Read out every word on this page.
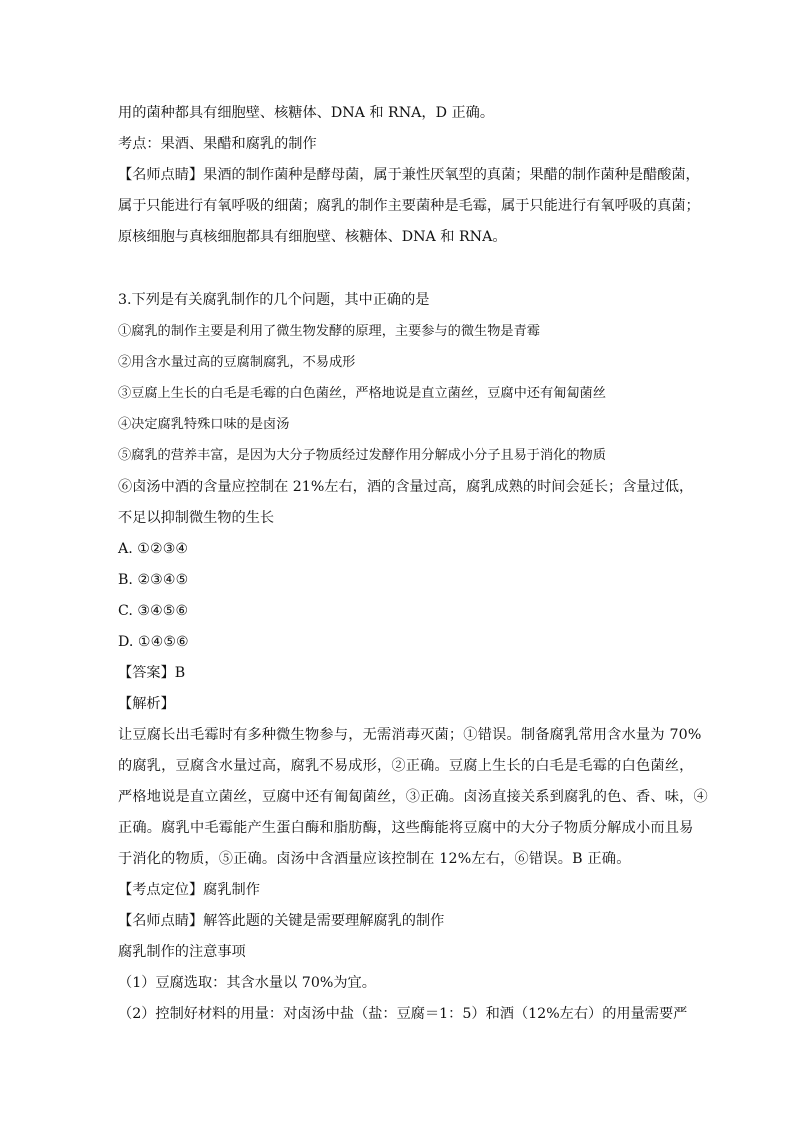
用的菌种都具有细胞壁、核糖体、DNA 和 RNA，D 正确。
考点：果酒、果醋和腐乳的制作
【名师点睛】果酒的制作菌种是酵母菌，属于兼性厌氧型的真菌；果醋的制作菌种是醋酸菌，
属于只能进行有氧呼吸的细菌；腐乳的制作主要菌种是毛霉，属于只能进行有氧呼吸的真菌；
原核细胞与真核细胞都具有细胞壁、核糖体、DNA 和 RNA。
3.下列是有关腐乳制作的几个问题，其中正确的是
①腐乳的制作主要是利用了微生物发酵的原理，主要参与的微生物是青霉
②用含水量过高的豆腐制腐乳，不易成形
③豆腐上生长的白毛是毛霉的白色菌丝，严格地说是直立菌丝，豆腐中还有匍匐菌丝
④决定腐乳特殊口味的是卤汤
⑤腐乳的营养丰富，是因为大分子物质经过发酵作用分解成小分子且易于消化的物质
⑥卤汤中酒的含量应控制在 21%左右，酒的含量过高，腐乳成熟的时间会延长；含量过低，
不足以抑制微生物的生长
A. ①②③④
B. ②③④⑤
C. ③④⑤⑥
D. ①④⑤⑥
【答案】B
【解析】
让豆腐长出毛霉时有多种微生物参与，无需消毒灭菌；①错误。制备腐乳常用含水量为 70%
的腐乳，豆腐含水量过高，腐乳不易成形，②正确。豆腐上生长的白毛是毛霉的白色菌丝，
严格地说是直立菌丝，豆腐中还有匍匐菌丝，③正确。卤汤直接关系到腐乳的色、香、味，④
正确。腐乳中毛霉能产生蛋白酶和脂肪酶，这些酶能将豆腐中的大分子物质分解成小而且易
于消化的物质，⑤正确。卤汤中含酒量应该控制在 12%左右，⑥错误。B 正确。
【考点定位】腐乳制作
【名师点睛】解答此题的关键是需要理解腐乳的制作
腐乳制作的注意事项
（1）豆腐选取：其含水量以 70%为宜。
（2）控制好材料的用量：对卤汤中盐（盐：豆腐＝1：5）和酒（12%左右）的用量需要严
